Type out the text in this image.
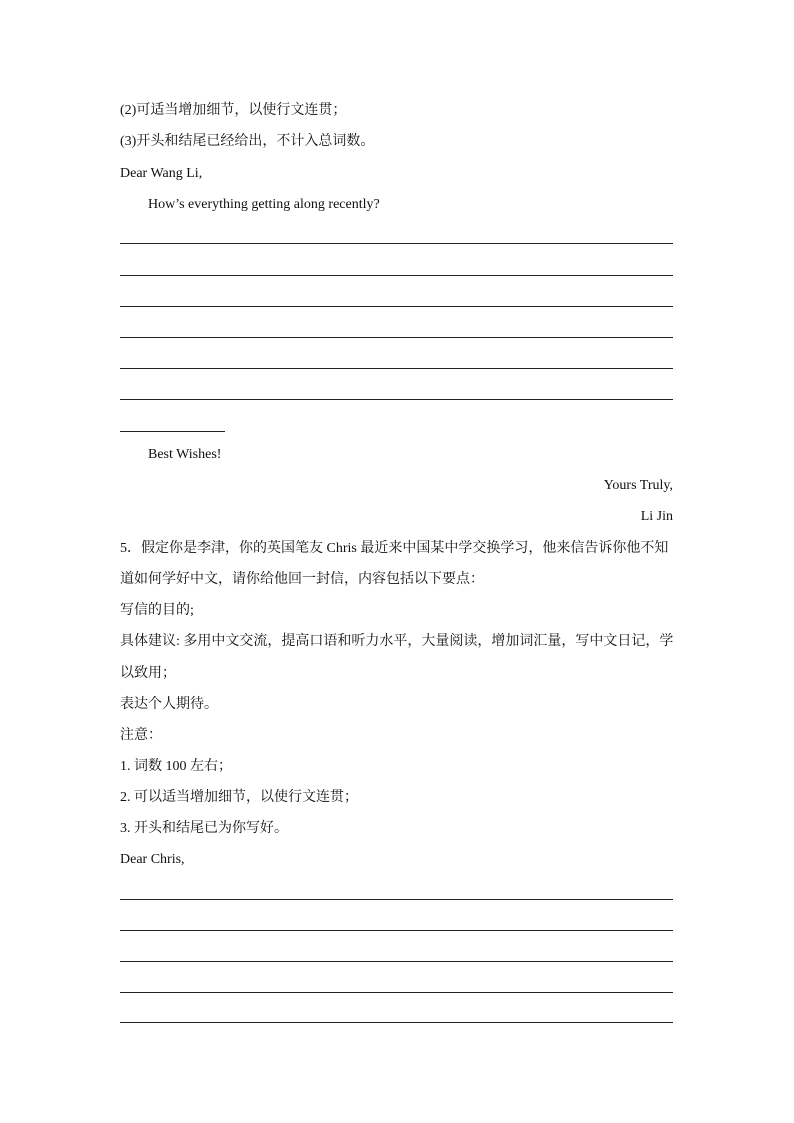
(2)可适当增加细节，以使行文连贯；
(3)开头和结尾已经给出，不计入总词数。
Dear Wang Li,
How’s everything getting along recently?
Best Wishes!
Yours Truly,
Li Jin
5．假定你是李津，你的英国笔友 Chris 最近来中国某中学交换学习，他来信告诉你他不知
道如何学好中文，请你给他回一封信，内容包括以下要点：
写信的目的;
具体建议: 多用中文交流，提高口语和听力水平，大量阅读，增加词汇量，写中文日记，学
以致用；
表达个人期待。
注意：
1. 词数 100 左右；
2. 可以适当增加细节，以使行文连贯；
3. 开头和结尾已为你写好。
Dear Chris,
